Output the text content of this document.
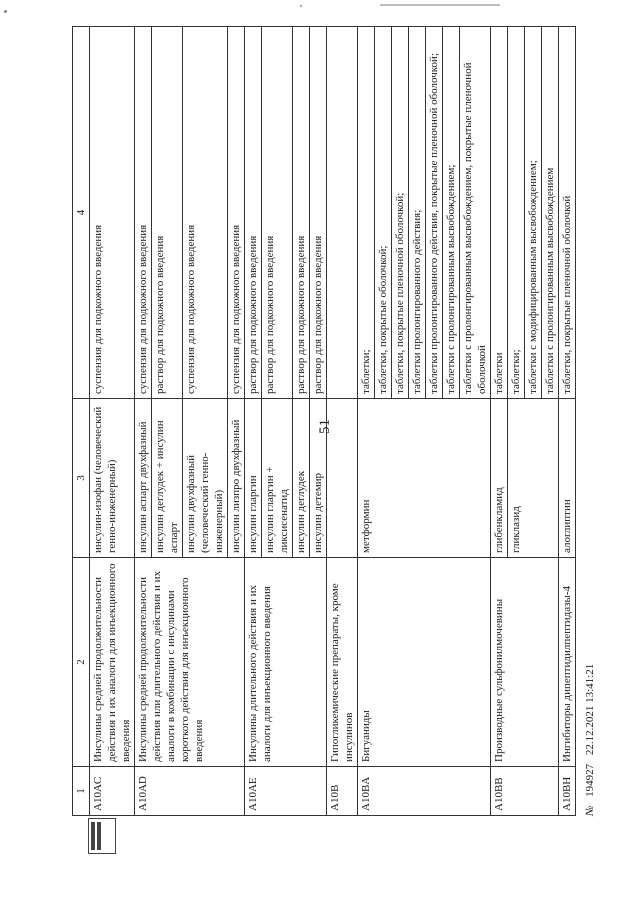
51
1	2	3	4
A10AC	Инсулины средней продолжительности действия и их аналоги для инъекционного введения	инсулин-изофан (человеческий генно-инженерный)	суспензия для подкожного введения
A10AD	Инсулины средней продолжительности действия или длительного действия и их аналоги в комбинации с инсулинами короткого действия для инъекционного введения	инсулин аспарт двухфазный	суспензия для подкожного введения
		инсулин деглудек + инсулин аспарт	раствор для подкожного введения
		инсулин двухфазный (человеческий генно-инженерный)	суспензия для подкожного введения
		инсулин лизпро двухфазный	суспензия для подкожного введения
A10AE	Инсулины длительного действия и их аналоги для инъекционного введения	инсулин гларгин	раствор для подкожного введения
		инсулин гларгин + ликсисенатид	раствор для подкожного введения
		инсулин деглудек	раствор для подкожного введения
		инсулин детемир	раствор для подкожного введения
A10B	Гипогликемические препараты, кроме инсулинов		
A10BA	Бигуаниды	метформин	таблетки;
			таблетки, покрытые оболочкой;
			таблетки, покрытые пленочной оболочкой;
			таблетки пролонгированного действия;
			таблетки пролонгированного действия, покрытые пленочной оболочкой;
			таблетки с пролонгированным высвобождением;
			таблетки с пролонгированным высвобождением, покрытые пленочной оболочкой
A10BB	Производные сульфонилмочевины	глибенкламид	таблетки
		гликлазид	таблетки;
			таблетки с модифицированным высвобождением;
			таблетки с пролонгированным высвобождением
A10BH	Ингибиторы дипептидилпептидазы-4	алоглиптин	таблетки, покрытые пленочной оболочкой
№ 194927 22.12.2021 13:41:21
